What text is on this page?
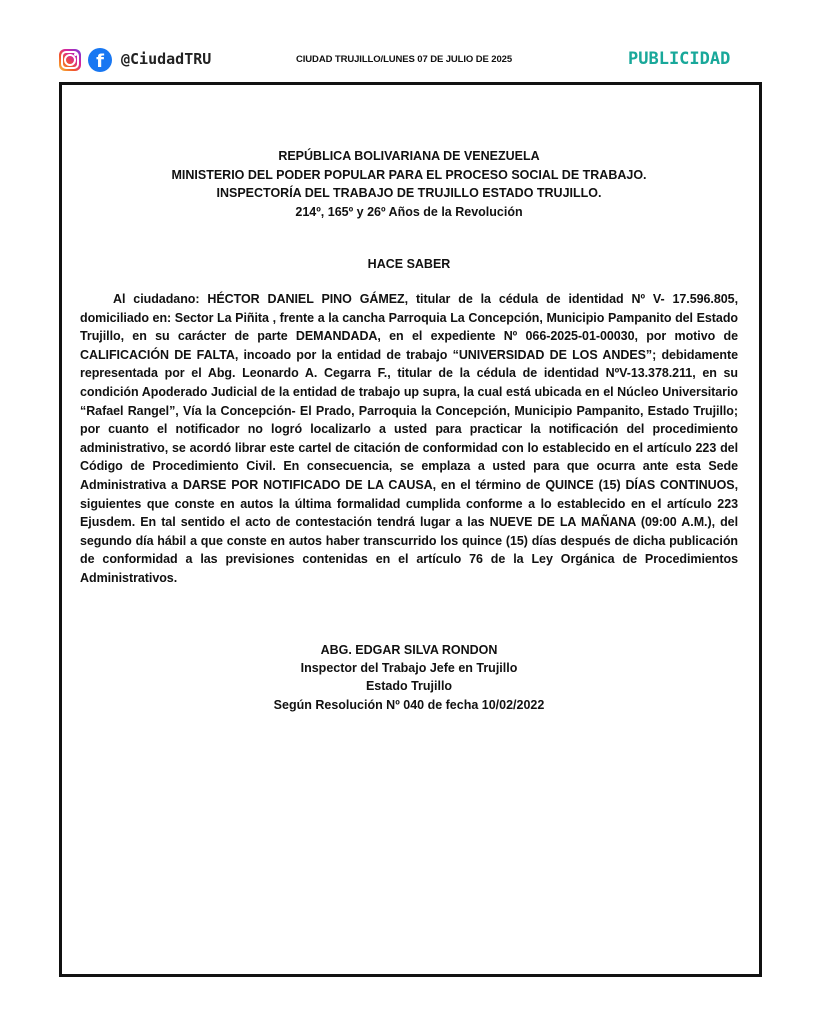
f	@CiudadTRU	CIUDAD TRUJILLO/LUNES 07 DE JULIO DE 2025	PUBLICIDAD
REPÚBLICA BOLIVARIANA DE VENEZUELA
MINISTERIO DEL PODER POPULAR PARA EL PROCESO SOCIAL DE TRABAJO.
INSPECTORÍA DEL TRABAJO DE TRUJILLO ESTADO TRUJILLO.
214º, 165º y 26º Años de la Revolución
HACE SABER
Al ciudadano: HÉCTOR DANIEL PINO GÁMEZ, titular de la cédula de identidad Nº V- 17.596.805, domiciliado en: Sector La Piñita , frente a la cancha Parroquia La Concepción, Municipio Pampanito del Estado Trujillo, en su carácter de parte DEMANDADA, en el expediente Nº 066-2025-01-00030, por motivo de CALIFICACIÓN DE FALTA, incoado por la entidad de trabajo “UNIVERSIDAD DE LOS ANDES”; debidamente representada por el Abg. Leonardo A. Cegarra F., titular de la cédula de identidad NºV-13.378.211, en su condición Apoderado Judicial de la entidad de trabajo up supra, la cual está ubicada en el Núcleo Universitario “Rafael Rangel”, Vía la Concepción- El Prado, Parroquia la Concepción, Municipio Pampanito, Estado Trujillo; por cuanto el notificador no logró localizarlo a usted para practicar la notificación del procedimiento administrativo, se acordó librar este cartel de citación de conformidad con lo establecido en el artículo 223 del Código de Procedimiento Civil. En consecuencia, se emplaza a usted para que ocurra ante esta Sede Administrativa a DARSE POR NOTIFICADO DE LA CAUSA, en el término de QUINCE (15) DÍAS CONTINUOS, siguientes que conste en autos la última formalidad cumplida conforme a lo establecido en el artículo 223 Ejusdem. En tal sentido el acto de contestación tendrá lugar a las NUEVE DE LA MAÑANA (09:00 A.M.), del segundo día hábil a que conste en autos haber transcurrido los quince (15) días después de dicha publicación de conformidad a las previsiones contenidas en el artículo 76 de la Ley Orgánica de Procedimientos Administrativos.
ABG. EDGAR SILVA RONDON
Inspector del Trabajo Jefe en Trujillo
Estado Trujillo
Según Resolución Nº 040 de fecha 10/02/2022
